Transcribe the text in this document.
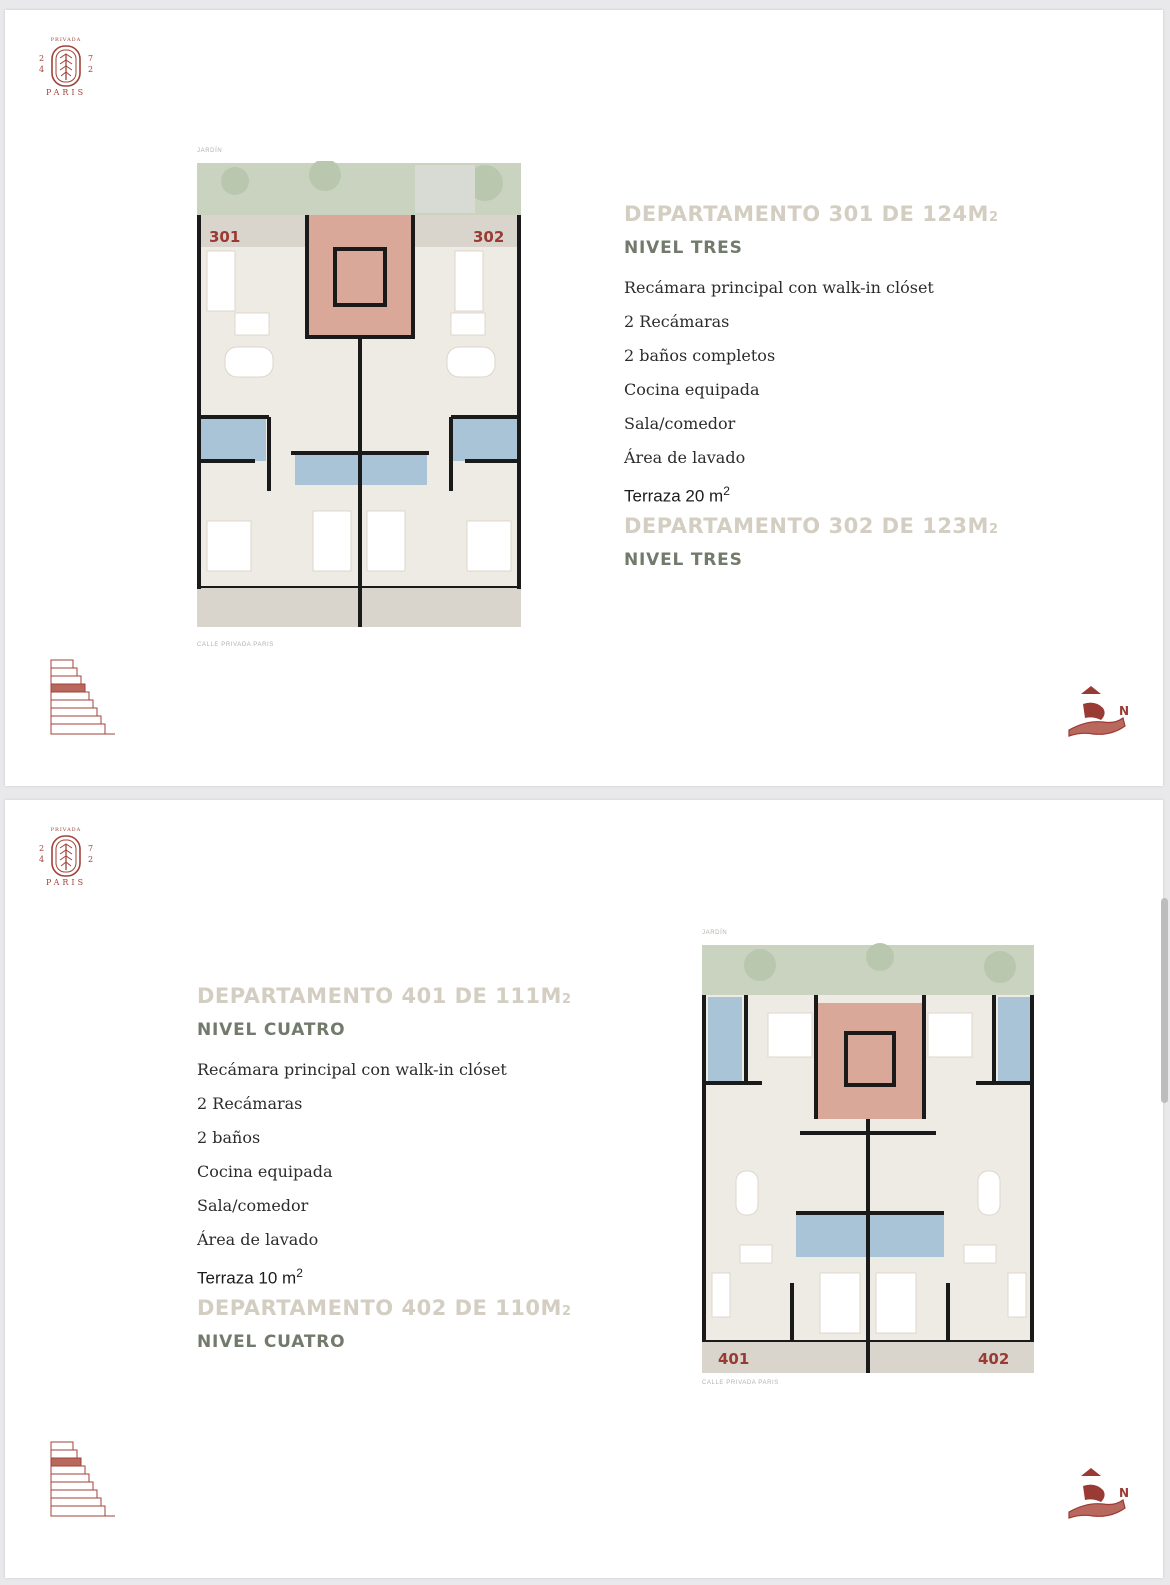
PRIVADA
2
4
7
2
PARIS
JARDÍN
301	302
CALLE PRIVADA PARIS
DEPARTAMENTO 301 DE 124M2
NIVEL TRES
Recámara principal con walk-in clóset
2 Recámaras
2 baños completos
Cocina equipada
Sala/comedor
Área de lavado
Terraza 20 $m^2$
DEPARTAMENTO 302 DE 123M2
NIVEL TRES
N
PRIVADA
2
4
7
2
PARIS
DEPARTAMENTO 401 DE 111M2
NIVEL CUATRO
Recámara principal con walk-in clóset
2 Recámaras
2 baños
Cocina equipada
Sala/comedor
Área de lavado
Terraza 10 $m^2$
DEPARTAMENTO 402 DE 110M2
NIVEL CUATRO
JARDÍN
401	402
CALLE PRIVADA PARIS
N
